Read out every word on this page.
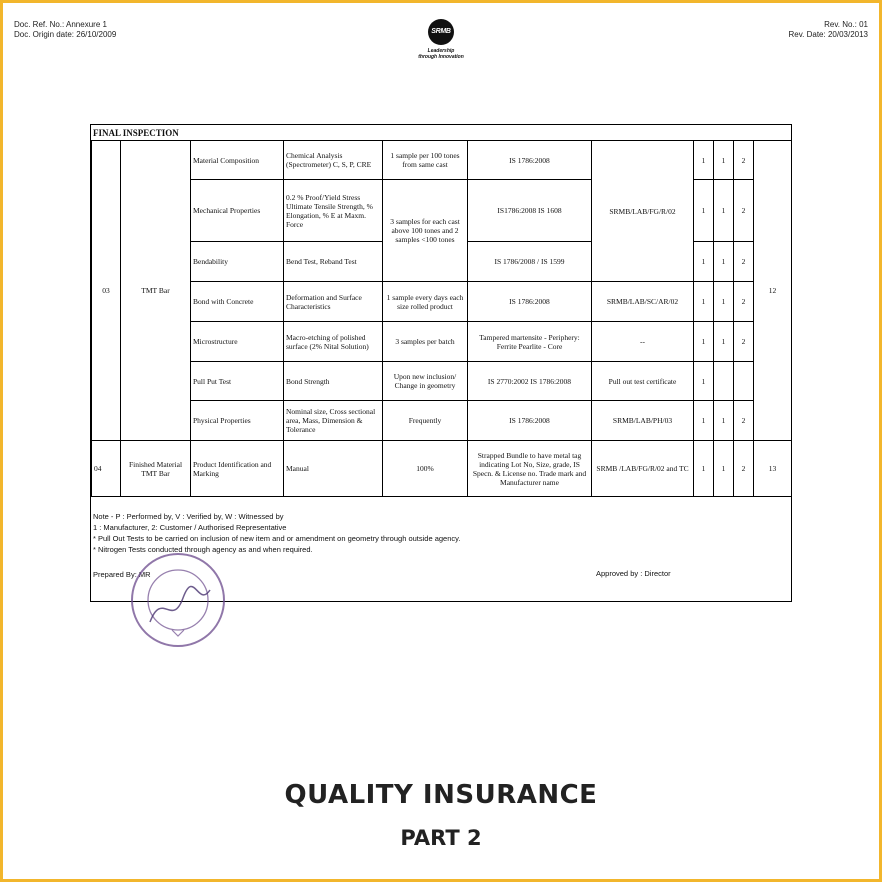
Doc. Ref. No.: Annexure 1
Doc. Origin date: 26/10/2009
Rev. No.: 01
Rev. Date: 20/03/2013
SRMB
Leadership
through Innovation
FINAL INSPECTION
03	TMT Bar	Material Composition	Chemical Analysis (Spectrometer) C, S, P, CRE	1 sample per 100 tones from same cast	IS 1786:2008	SRMB/LAB/FG/R/02	1	1	2	12
		Mechanical Properties	0.2 % Proof/Yield Stress Ultimate Tensile Strength, % Elongation, % E at Maxm. Force	3 samples for each cast above 100 tones and 2 samples <100 tones	IS1786:2008 IS 1608		1	1	2	
		Bendability	Bend Test, Reband Test		IS 1786/2008 / IS 1599		1	1	2	
		Bond with Concrete	Deformation and Surface Characteristics	1 sample every days each size rolled product	IS 1786:2008	SRMB/LAB/SC/AR/02	1	1	2	
		Microstructure	Macro-etching of polished surface (2% Nital Solution)	3 samples per batch	Tampered martensite - Periphery: Ferrite Pearlite - Core	--	1	1	2	
		Pull Put Test	Bond Strength	Upon new inclusion/ Change in geometry	IS 2770:2002 IS 1786:2008	Pull out test certificate	1			
		Physical Properties	Nominal size, Cross sectional area, Mass, Dimension & Tolerance	Frequently	IS 1786:2008	SRMB/LAB/PH/03	1	1	2	
04	Finished Material TMT Bar	Product Identification and Marking	Manual	100%	Strapped Bundle to have metal tag indicating Lot No, Size, grade, IS Specn. & License no. Trade mark and Manufacturer name	SRMB /LAB/FG/R/02 and TC	1	1	2	13
Note - P : Performed by, V : Verified by, W : Witnessed by
1 : Manufacturer, 2: Customer / Authorised Representative
* Pull Out Tests to be carried on inclusion of new item and or amendment on geometry through outside agency.
* Nitrogen Tests conducted through agency as and when required.
Prepared By: MR	Approved by : Director
QUALITY INSURANCE
PART 2
